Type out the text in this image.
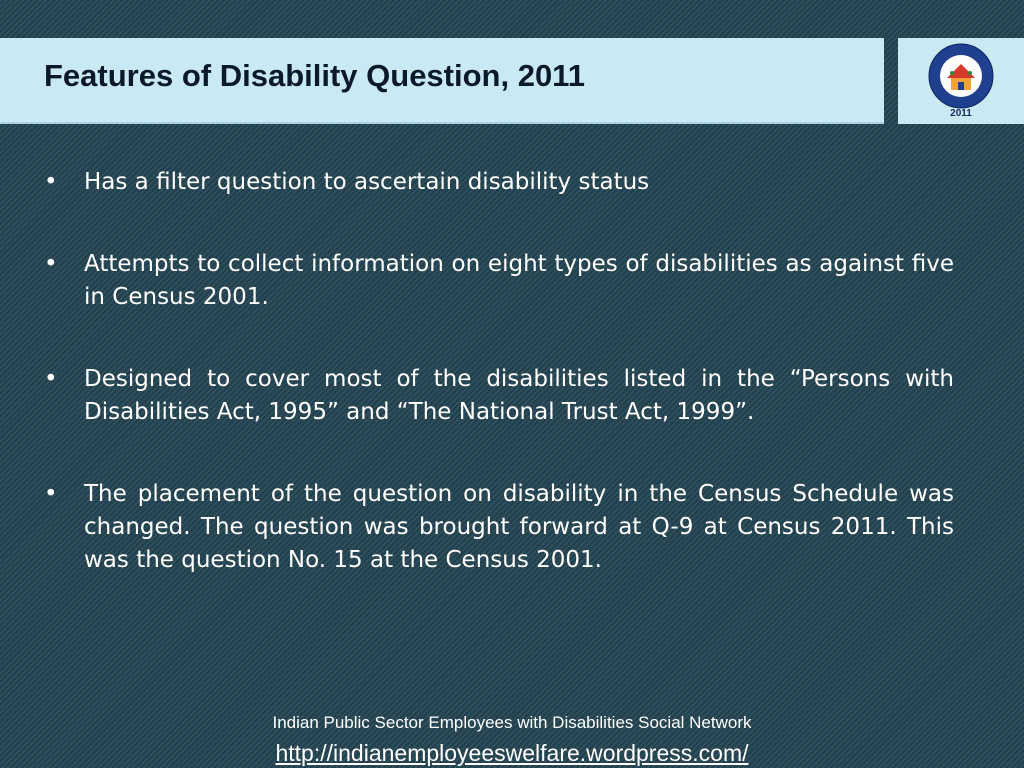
Features of Disability Question, 2011
2011
• Has a filter question to ascertain disability status
• Attempts to collect information on eight types of disabilities as against five in Census 2001.
• Designed to cover most of the disabilities listed in the “Persons with Disabilities Act, 1995” and “The National Trust Act, 1999”.
• The placement of the question on disability in the Census Schedule was changed. The question was brought forward at Q-9 at Census 2011. This was the question No. 15 at the Census 2001.
Indian Public Sector Employees with Disabilities Social Network
http://indianemployeeswelfare.wordpress.com/
